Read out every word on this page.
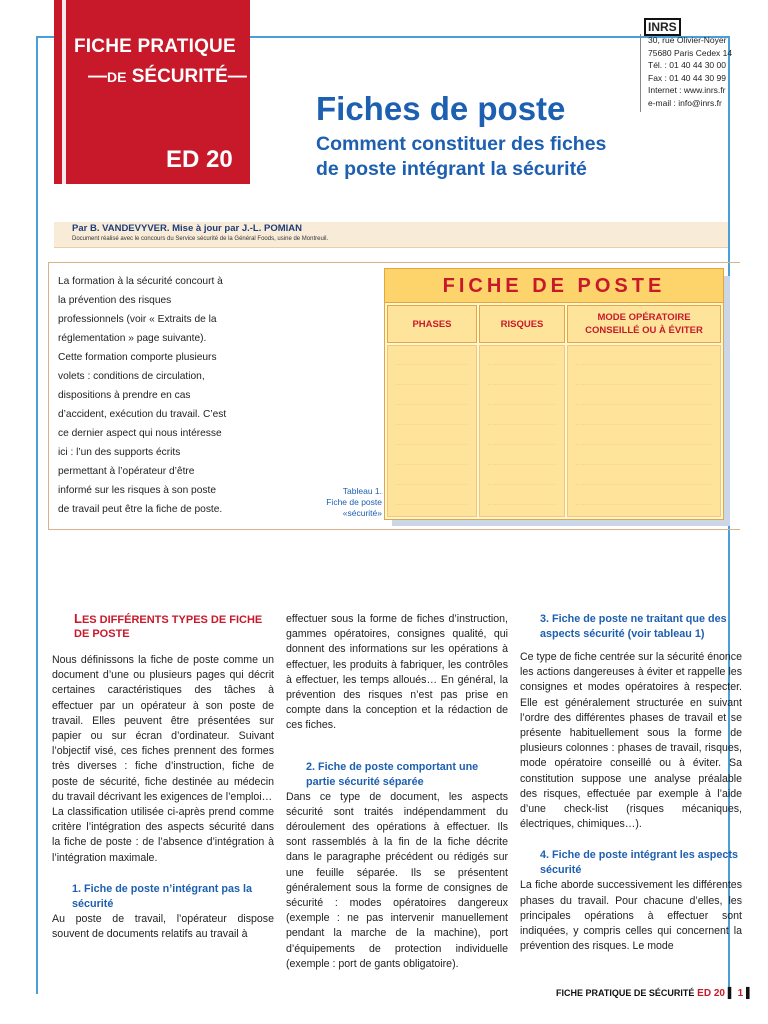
FICHE PRATIQUE
—DE SÉCURITÉ—
ED 20
INRS
30, rue Olivier-Noyer
75680 Paris Cedex 14
Tél. : 01 40 44 30 00
Fax : 01 40 44 30 99
Internet : www.inrs.fr
e-mail : info@inrs.fr
Fiches de poste
Comment constituer des fiches
de poste intégrant la sécurité
Par B. VANDEVYVER. Mise à jour par J.-L. POMIAN
Document réalisé avec le concours du Service sécurité de la Général Foods, usine de Montreuil.

La formation à la sécurité concourt à la prévention des risques professionnels (voir « Extraits de la réglementation » page suivante).

Cette formation comporte plusieurs volets : conditions de circulation, dispositions à prendre en cas d’accident, exécution du travail. C’est ce dernier aspect qui nous intéresse ici : l’un des supports écrits permettant à l’opérateur d’être informé sur les risques à son poste de travail peut être la fiche de poste.

FICHE DE POSTE
PHASES	RISQUES
MODE OPÉRATOIRE CONSEILLÉ OU À ÉVITER
Tableau 1.
Fiche de poste
«sécurité»
LES DIFFÉRENTS TYPES DE FICHE DE POSTE

Nous définissons la fiche de poste comme un document d’une ou plusieurs pages qui décrit certaines caractéristiques des tâches à effectuer par un opérateur à son poste de travail. Elles peuvent être présentées sur papier ou sur écran d’ordinateur. Suivant l’objectif visé, ces fiches prennent des formes très diverses : fiche d’instruction, fiche de poste de sécurité, fiche destinée au médecin du travail décrivant les exigences de l’emploi…

La classification utilisée ci-après prend comme critère l’intégration des aspects sécurité dans la fiche de poste : de l’absence d’intégration à l’intégration maximale.

1. Fiche de poste n’intégrant pas la sécurité

Au poste de travail, l’opérateur dispose souvent de documents relatifs au travail à

effectuer sous la forme de fiches d’instruction, gammes opératoires, consignes qualité, qui donnent des informations sur les opérations à effectuer, les produits à fabriquer, les contrôles à effectuer, les temps alloués… En général, la prévention des risques n’est pas prise en compte dans la conception et la rédaction de ces fiches.

2. Fiche de poste comportant une partie sécurité séparée

Dans ce type de document, les aspects sécurité sont traités indépendamment du déroulement des opérations à effectuer. Ils sont rassemblés à la fin de la fiche décrite dans le paragraphe précédent ou rédigés sur une feuille séparée. Ils se présentent généralement sous la forme de consignes de sécurité : modes opératoires dangereux (exemple : ne pas intervenir manuellement pendant la marche de la machine), port d’équipements de protection individuelle (exemple : port de gants obligatoire).

3. Fiche de poste ne traitant que des aspects sécurité (voir tableau 1)

Ce type de fiche centrée sur la sécurité énonce les actions dangereuses à éviter et rappelle les consignes et modes opératoires à respecter. Elle est généralement structurée en suivant l’ordre des différentes phases de travail et se présente habituellement sous la forme de plusieurs colonnes : phases de travail, risques, mode opératoire conseillé ou à éviter. Sa constitution suppose une analyse préalable des risques, effectuée par exemple à l’aide d’une check-list (risques mécaniques, électriques, chimiques…).

4. Fiche de poste intégrant les aspects sécurité

La fiche aborde successivement les différentes phases du travail. Pour chacune d’elles, les principales opérations à effectuer sont indiquées, y compris celles qui concernent la prévention des risques. Le mode

FICHE PRATIQUE DE SÉCURITÉ ED 20 ▌ 1 ▌
